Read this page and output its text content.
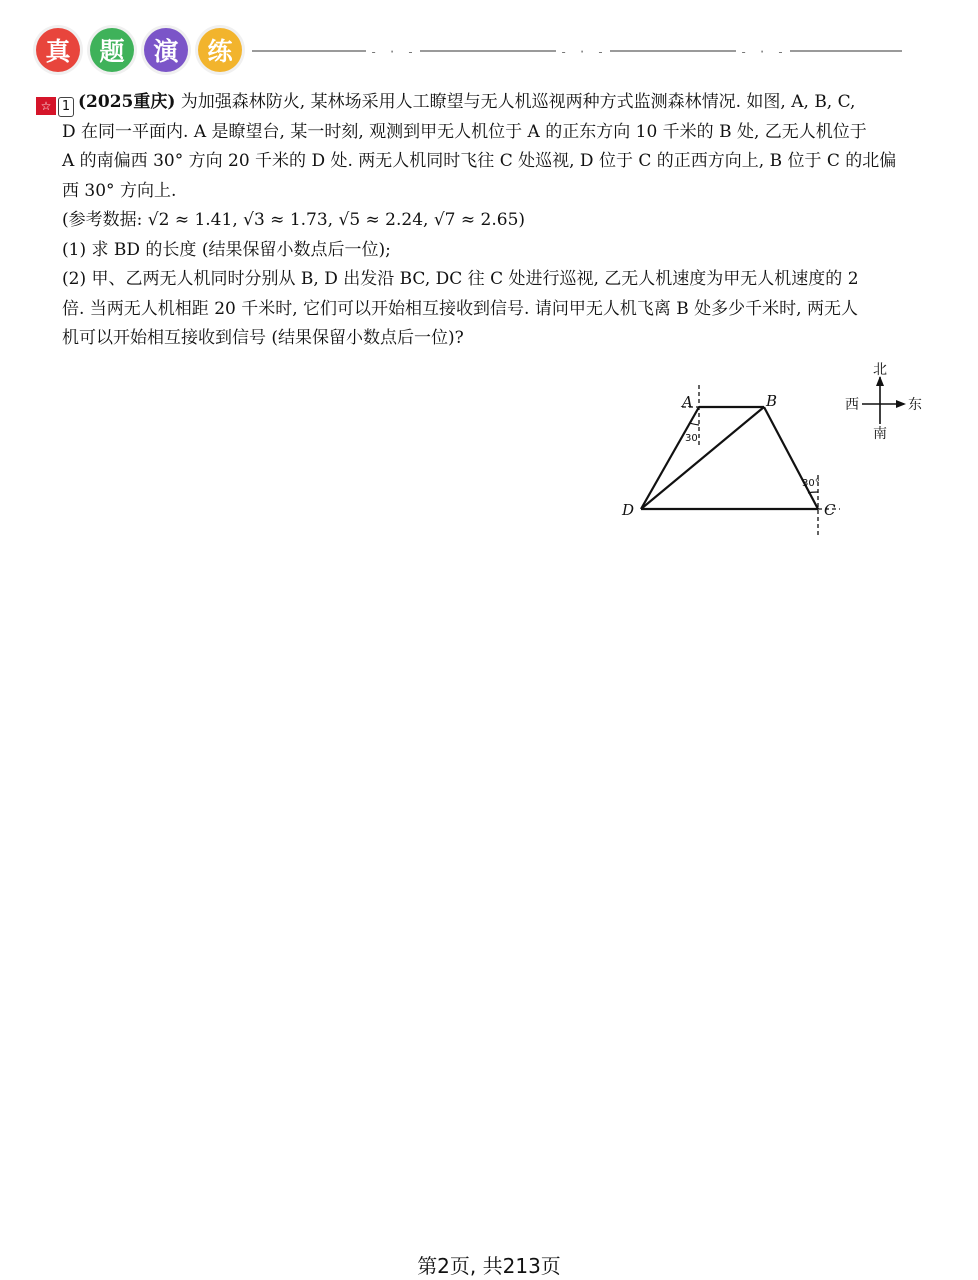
真	题	演	练	- · -	- · -	- · -

☆ 1 (2025重庆) 为加强森林防火, 某林场采用人工瞭望与无人机巡视两种方式监测森林情况. 如图, A, B, C,

D 在同一平面内. A 是瞭望台, 某一时刻, 观测到甲无人机位于 A 的正东方向 10 千米的 B 处, 乙无人机位于

A 的南偏西 30° 方向 20 千米的 D 处. 两无人机同时飞往 C 处巡视, D 位于 C 的正西方向上, B 位于 C 的北偏

西 30° 方向上.

(参考数据: √2 ≈ 1.41, √3 ≈ 1.73, √5 ≈ 2.24, √7 ≈ 2.65)

(1) 求 BD 的长度 (结果保留小数点后一位);

(2) 甲、乙两无人机同时分别从 B, D 出发沿 BC, DC 往 C 处进行巡视, 乙无人机速度为甲无人机速度的 2

倍. 当两无人机相距 20 千米时, 它们可以开始相互接收到信号. 请问甲无人机飞离 B 处多少千米时, 两无人

机可以开始相互接收到信号 (结果保留小数点后一位)?

A	B
C
D
30
30°
北
南
东
西
第2页, 共213页
